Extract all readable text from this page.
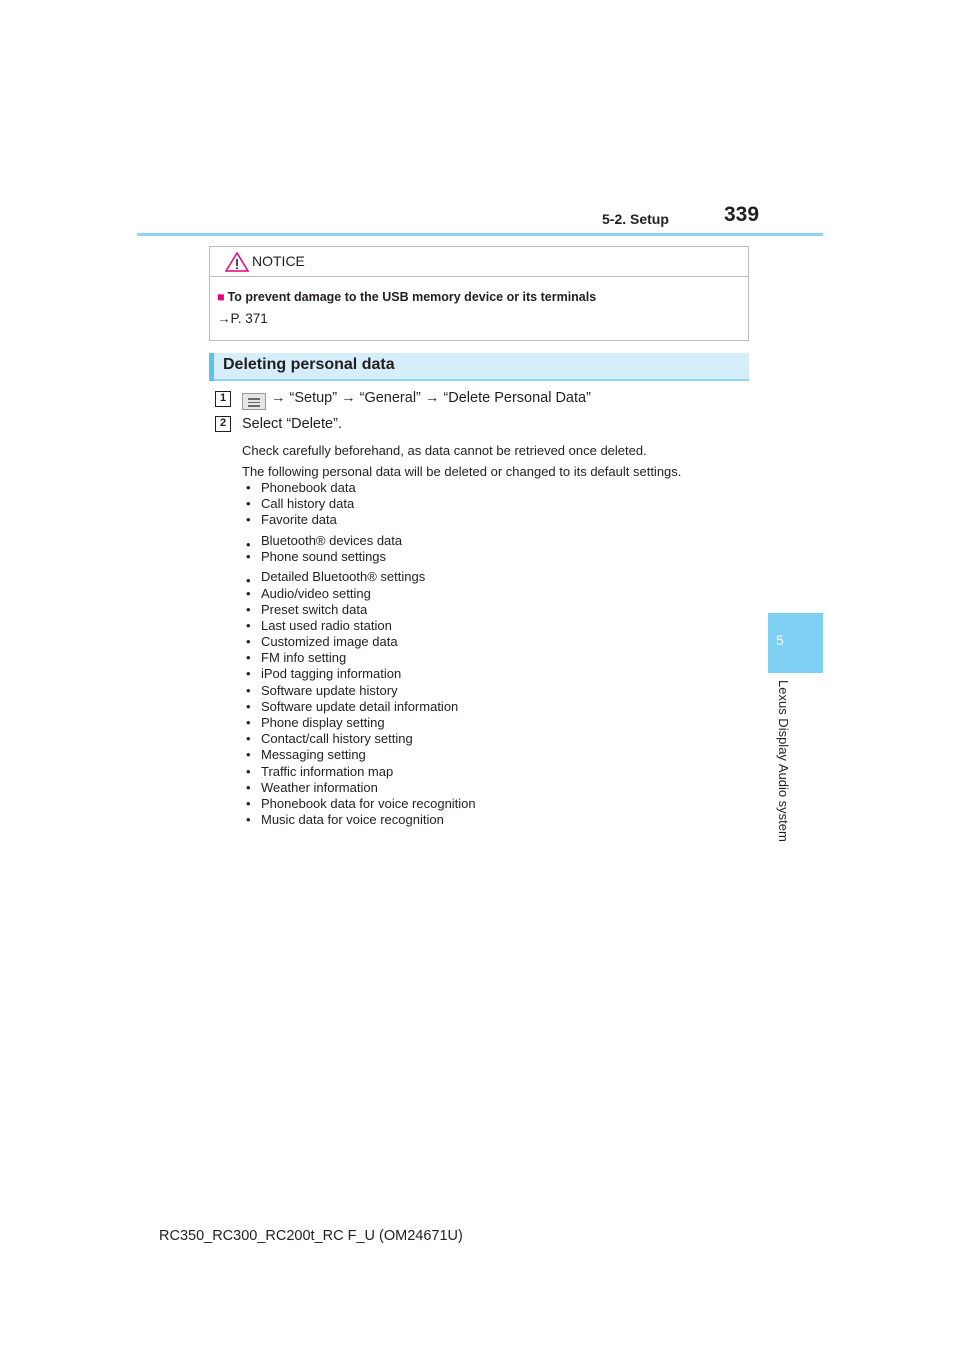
5-2. Setup	339
5
Lexus Display Audio system
NOTICE
■ To prevent damage to the USB memory device or its terminals
→P. 371
Deleting personal data
1	→ “Setup” → “General” → “Delete Personal Data”
2	Select “Delete”.
Check carefully beforehand, as data cannot be retrieved once deleted.
The following personal data will be deleted or changed to its default settings.
• Phonebook data
• Call history data
• Favorite data
• Bluetooth® devices data
• Phone sound settings
• Detailed Bluetooth® settings
• Audio/video setting
• Preset switch data
• Last used radio station
• Customized image data
• FM info setting
• iPod tagging information
• Software update history
• Software update detail information
• Phone display setting
• Contact/call history setting
• Messaging setting
• Traffic information map
• Weather information
• Phonebook data for voice recognition
• Music data for voice recognition
RC350_RC300_RC200t_RC F_U (OM24671U)
